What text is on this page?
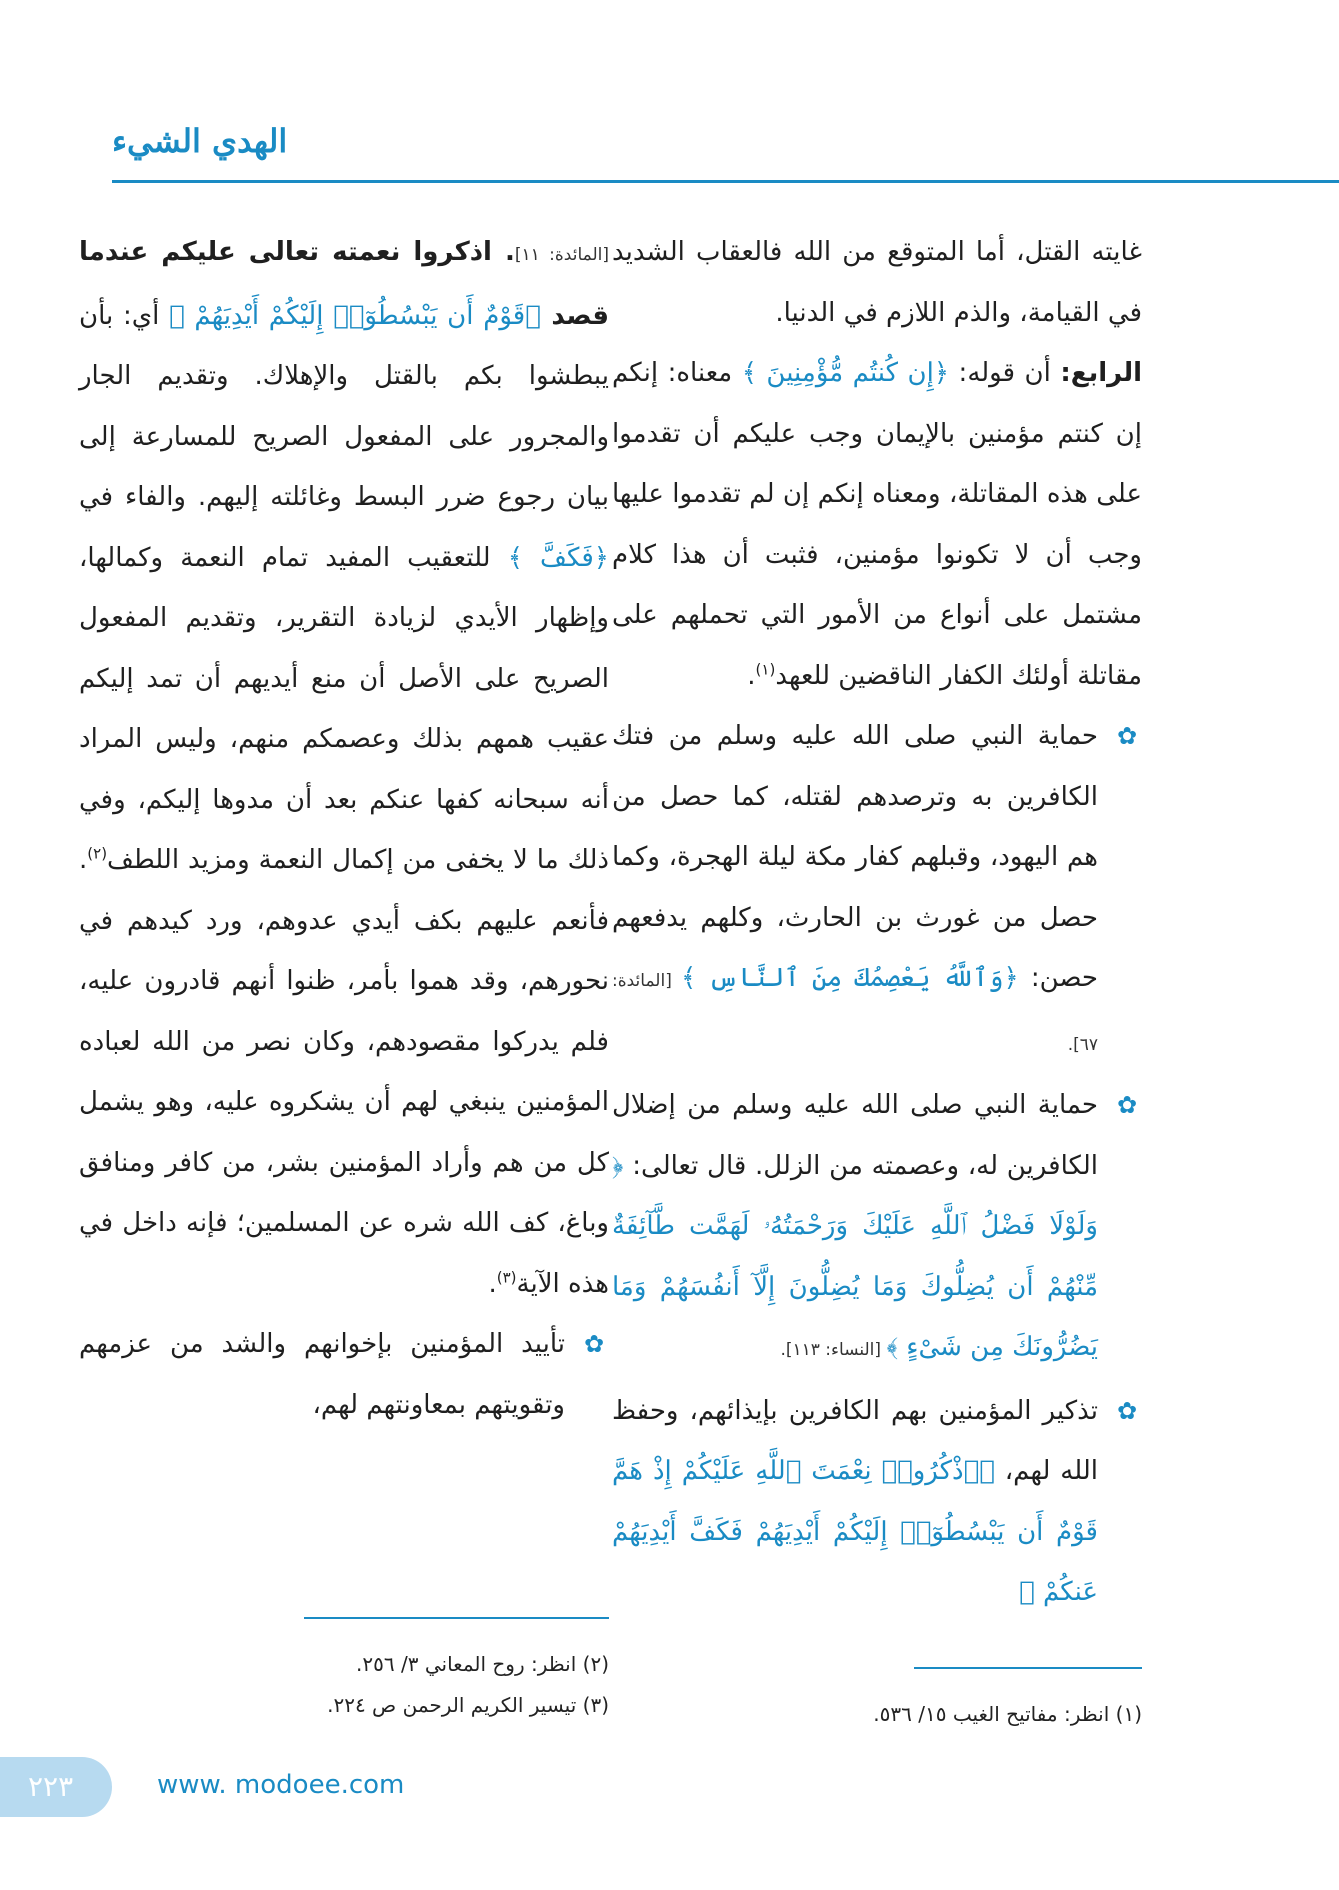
الهدي الشيء

غايته القتل، أما المتوقع من الله فالعقاب الشديد في القيامة، والذم اللازم في الدنيا.

الرابع: أن قوله: ﴿إِن كُنتُم مُّؤْمِنِينَ ﴾ معناه: إنكم إن كنتم مؤمنين بالإيمان وجب عليكم أن تقدموا على هذه المقاتلة، ومعناه إنكم إن لم تقدموا عليها وجب أن لا تكونوا مؤمنين، فثبت أن هذا كلام مشتمل على أنواع من الأمور التي تحملهم على مقاتلة أولئك الكفار الناقضين للعهد$^{(١)}$.

✿
حماية النبي صلى الله عليه وسلم من فتك الكافرين به وترصدهم لقتله، كما حصل من هم اليهود، وقبلهم كفار مكة ليلة الهجرة، وكما حصل من غورث بن الحارث، وكلهم يدفعهم حصن: ﴿وَٱللَّهُ يَعْصِمُكَ مِنَ ٱلنَّاسِ ﴾ [المائدة: ٦٧].

✿
حماية النبي صلى الله عليه وسلم من إضلال الكافرين له، وعصمته من الزلل. قال تعالى: ﴿ وَلَوْلَا فَضْلُ ٱللَّهِ عَلَيْكَ وَرَحْمَتُهُۥ لَهَمَّت طَّآئِفَةٌ مِّنْهُمْ أَن يُضِلُّوكَ وَمَا يُضِلُّونَ إِلَّآ أَنفُسَهُمْ وَمَا يَضُرُّونَكَ مِن شَىْءٍ ﴾ [النساء: ١١٣].

✿
تذكير المؤمنين بهم الكافرين بإيذائهم، وحفظ الله لهم، ﴿ٱذْكُرُوا۟ نِعْمَتَ ٱللَّهِ عَلَيْكُمْ إِذْ هَمَّ قَوْمٌ أَن يَبْسُطُوٓا۟ إِلَيْكُمْ أَيْدِيَهُمْ فَكَفَّ أَيْدِيَهُمْ عَنكُمْ ﴾

[المائدة: ١١]. اذكروا نعمته تعالى عليكم عندما قصد ﴿قَوْمٌ أَن يَبْسُطُوٓا۟ إِلَيْكُمْ أَيْدِيَهُمْ ﴾ أي: بأن يبطشوا بكم بالقتل والإهلاك. وتقديم الجار والمجرور على المفعول الصريح للمسارعة إلى بيان رجوع ضرر البسط وغائلته إليهم. والفاء في ﴿فَكَفَّ ﴾ للتعقيب المفيد تمام النعمة وكمالها، وإظهار الأيدي لزيادة التقرير، وتقديم المفعول الصريح على الأصل أن منع أيديهم أن تمد إليكم عقيب همهم بذلك وعصمكم منهم، وليس المراد أنه سبحانه كفها عنكم بعد أن مدوها إليكم، وفي ذلك ما لا يخفى من إكمال النعمة ومزيد اللطف$^{(٢)}$. فأنعم عليهم بكف أيدي عدوهم، ورد كيدهم في نحورهم، وقد هموا بأمر، ظنوا أنهم قادرون عليه، فلم يدركوا مقصودهم، وكان نصر من الله لعباده المؤمنين ينبغي لهم أن يشكروه عليه، وهو يشمل كل من هم وأراد المؤمنين بشر، من كافر ومنافق وباغ، كف الله شره عن المسلمين؛ فإنه داخل في هذه الآية$^{(٣)}$.

✿
تأييد المؤمنين بإخوانهم والشد من عزمهم وتقويتهم بمعاونتهم لهم،

(١) انظر: مفاتيح الغيب ١٥/ ٥٣٦.
(٢) انظر: روح المعاني ٣/ ٢٥٦.
(٣) تيسير الكريم الرحمن ص ٢٢٤.
٢٢٣	www. modoee.com
